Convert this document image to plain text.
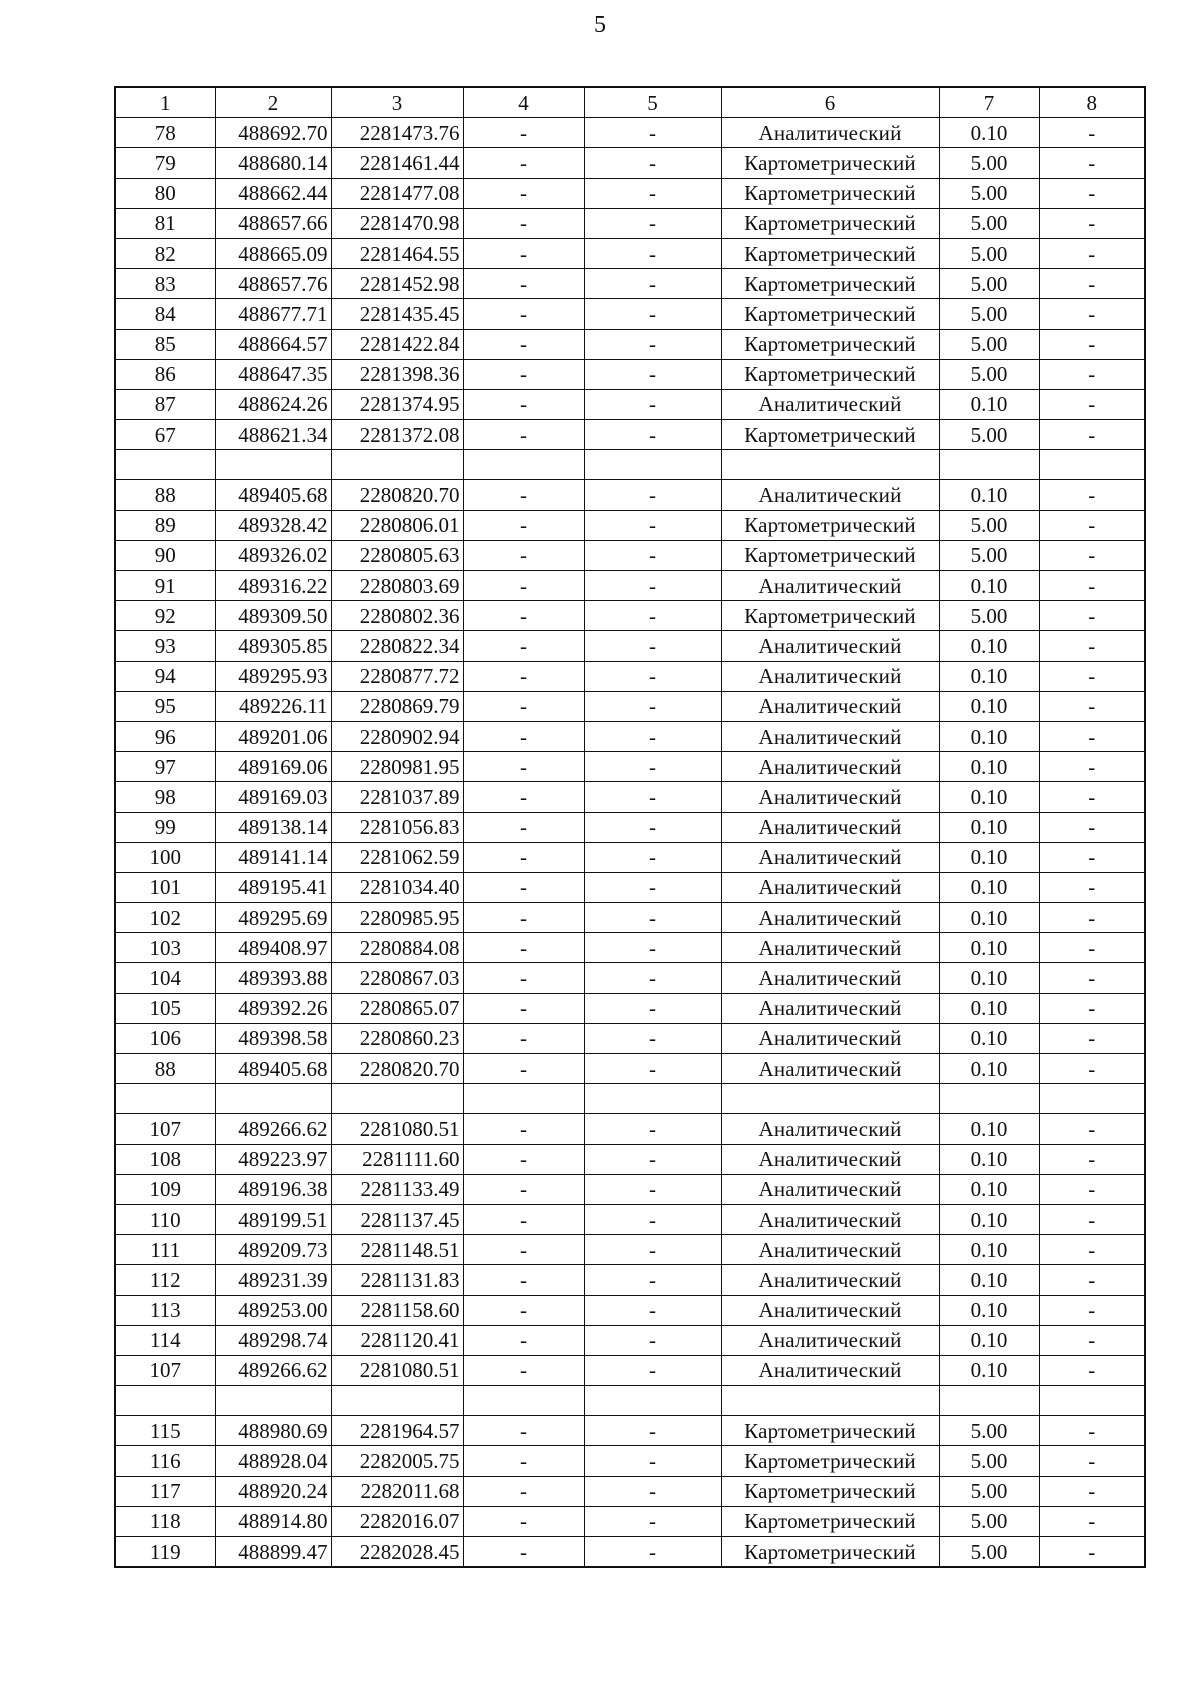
5
1	2	3	4	5	6	7	8
78	488692.70	2281473.76	-	-	Аналитический	0.10	-
79	488680.14	2281461.44	-	-	Картометрический	5.00	-
80	488662.44	2281477.08	-	-	Картометрический	5.00	-
81	488657.66	2281470.98	-	-	Картометрический	5.00	-
82	488665.09	2281464.55	-	-	Картометрический	5.00	-
83	488657.76	2281452.98	-	-	Картометрический	5.00	-
84	488677.71	2281435.45	-	-	Картометрический	5.00	-
85	488664.57	2281422.84	-	-	Картометрический	5.00	-
86	488647.35	2281398.36	-	-	Картометрический	5.00	-
87	488624.26	2281374.95	-	-	Аналитический	0.10	-
67	488621.34	2281372.08	-	-	Картометрический	5.00	-

88	489405.68	2280820.70	-	-	Аналитический	0.10	-
89	489328.42	2280806.01	-	-	Картометрический	5.00	-
90	489326.02	2280805.63	-	-	Картометрический	5.00	-
91	489316.22	2280803.69	-	-	Аналитический	0.10	-
92	489309.50	2280802.36	-	-	Картометрический	5.00	-
93	489305.85	2280822.34	-	-	Аналитический	0.10	-
94	489295.93	2280877.72	-	-	Аналитический	0.10	-
95	489226.11	2280869.79	-	-	Аналитический	0.10	-
96	489201.06	2280902.94	-	-	Аналитический	0.10	-
97	489169.06	2280981.95	-	-	Аналитический	0.10	-
98	489169.03	2281037.89	-	-	Аналитический	0.10	-
99	489138.14	2281056.83	-	-	Аналитический	0.10	-
100	489141.14	2281062.59	-	-	Аналитический	0.10	-
101	489195.41	2281034.40	-	-	Аналитический	0.10	-
102	489295.69	2280985.95	-	-	Аналитический	0.10	-
103	489408.97	2280884.08	-	-	Аналитический	0.10	-
104	489393.88	2280867.03	-	-	Аналитический	0.10	-
105	489392.26	2280865.07	-	-	Аналитический	0.10	-
106	489398.58	2280860.23	-	-	Аналитический	0.10	-
88	489405.68	2280820.70	-	-	Аналитический	0.10	-

107	489266.62	2281080.51	-	-	Аналитический	0.10	-
108	489223.97	2281111.60	-	-	Аналитический	0.10	-
109	489196.38	2281133.49	-	-	Аналитический	0.10	-
110	489199.51	2281137.45	-	-	Аналитический	0.10	-
111	489209.73	2281148.51	-	-	Аналитический	0.10	-
112	489231.39	2281131.83	-	-	Аналитический	0.10	-
113	489253.00	2281158.60	-	-	Аналитический	0.10	-
114	489298.74	2281120.41	-	-	Аналитический	0.10	-
107	489266.62	2281080.51	-	-	Аналитический	0.10	-

115	488980.69	2281964.57	-	-	Картометрический	5.00	-
116	488928.04	2282005.75	-	-	Картометрический	5.00	-
117	488920.24	2282011.68	-	-	Картометрический	5.00	-
118	488914.80	2282016.07	-	-	Картометрический	5.00	-
119	488899.47	2282028.45	-	-	Картометрический	5.00	-
